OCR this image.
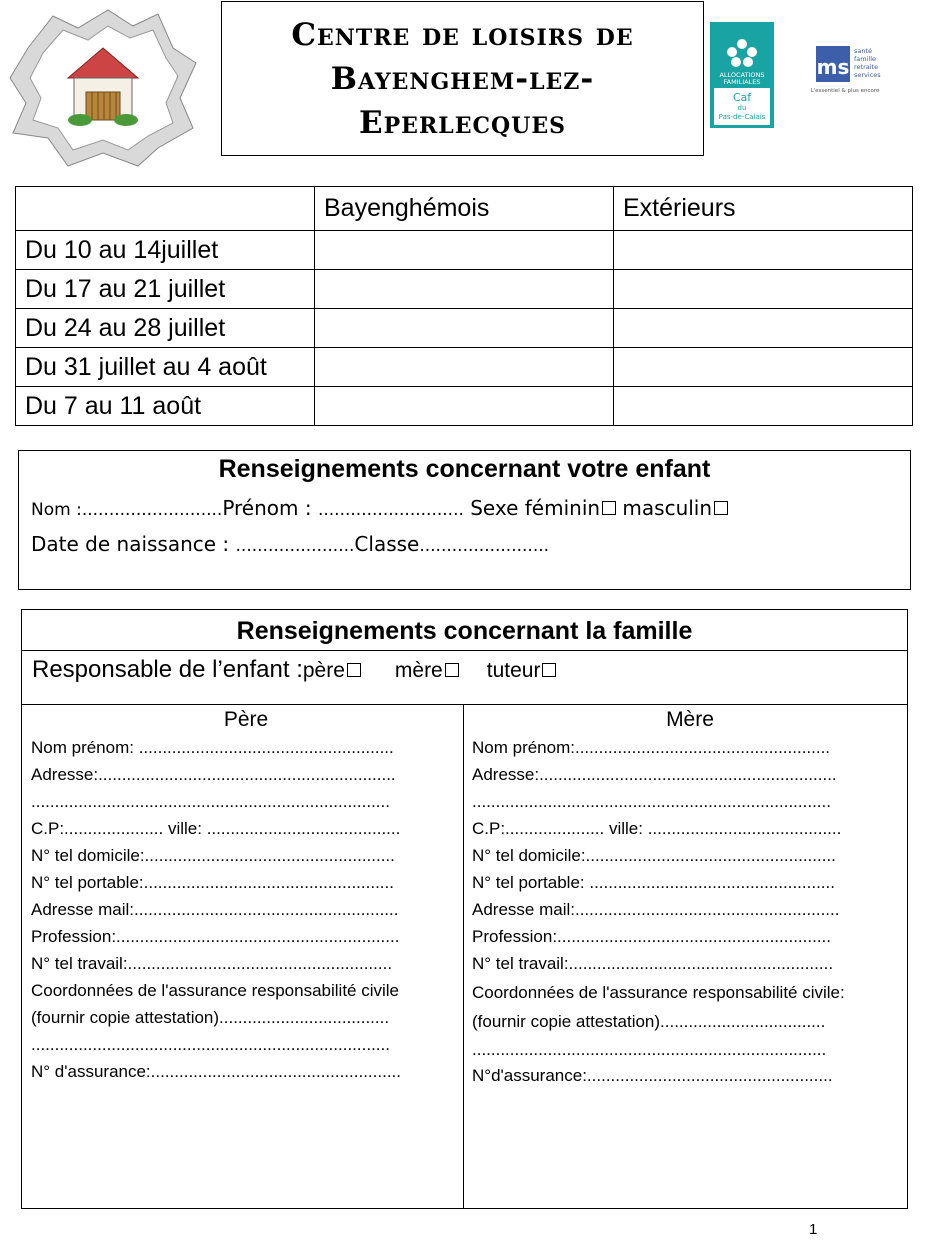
Centre de loisirs de
Bayenghem-lez-
Eperlecques
ALLOCATIONS
FAMILIALES
Caf
du
Pas-de-Calais
ms
santé
famille
retraite
services
L'essentiel & plus encore
	Bayenghémois	Extérieurs
Du 10 au 14juillet		
Du 17 au 21 juillet		
Du 24 au 28 juillet		
Du 31 juillet au 4 août		
Du 7 au 11 août		
Renseignements concernant votre enfant
Nom :..........................Prénom : ........................... Sexe féminin masculin
Date de naissance : ......................Classe........................
Renseignements concernant la famille
Responsable de l’enfant :père mère tuteur
Père
Nom prénom: ......................................................
Adresse:...............................................................
............................................................................
C.P:..................... ville: .........................................
N° tel domicile:.....................................................
N° tel portable:.....................................................
Adresse mail:........................................................
Profession:............................................................
N° tel travail:........................................................
Coordonnées de l'assurance responsabilité civile
(fournir copie attestation)....................................
............................................................................
N° d'assurance:.....................................................
Mère
Nom prénom:......................................................
Adresse:...............................................................
............................................................................
C.P:..................... ville: .........................................
N° tel domicile:.....................................................
N° tel portable: ....................................................
Adresse mail:........................................................
Profession:..........................................................
N° tel travail:........................................................
Coordonnées de l'assurance responsabilité civile:
(fournir copie attestation)...................................
...........................................................................
N°d'assurance:....................................................
1
